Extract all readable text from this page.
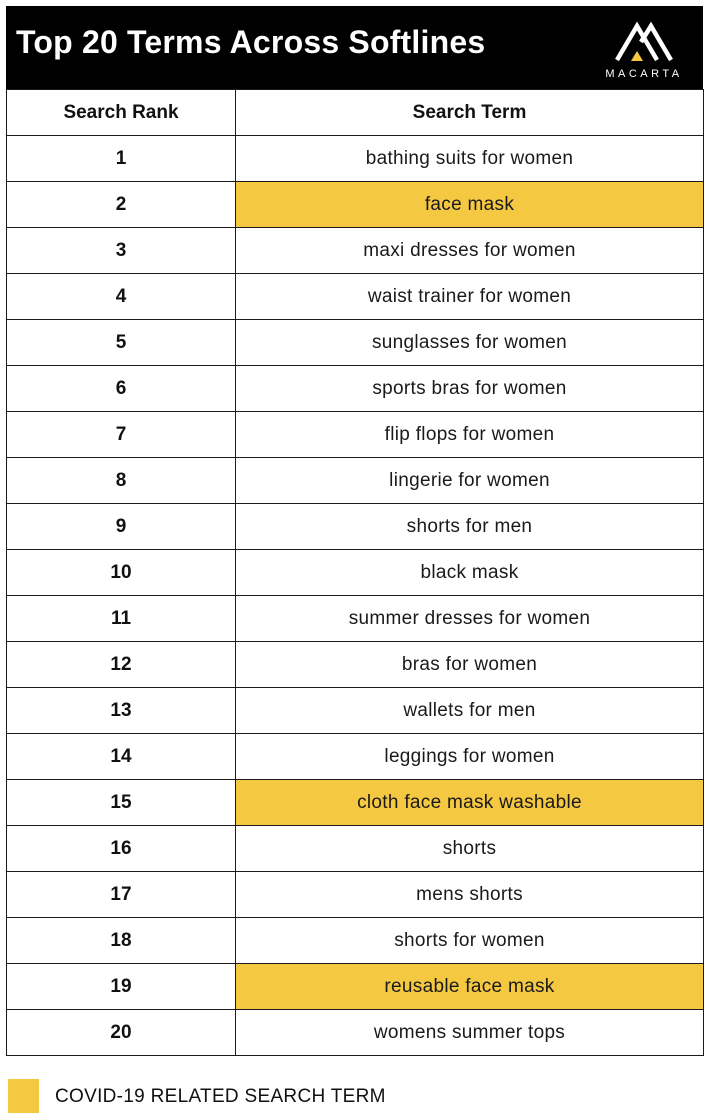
Top 20 Terms Across Softlines
MACARTA
Search Rank	Search Term
1	bathing suits for women
2	face mask
3	maxi dresses for women
4	waist trainer for women
5	sunglasses for women
6	sports bras for women
7	flip flops for women
8	lingerie for women
9	shorts for men
10	black mask
11	summer dresses for women
12	bras for women
13	wallets for men
14	leggings for women
15	cloth face mask washable
16	shorts
17	mens shorts
18	shorts for women
19	reusable face mask
20	womens summer tops
COVID-19 RELATED SEARCH TERM
